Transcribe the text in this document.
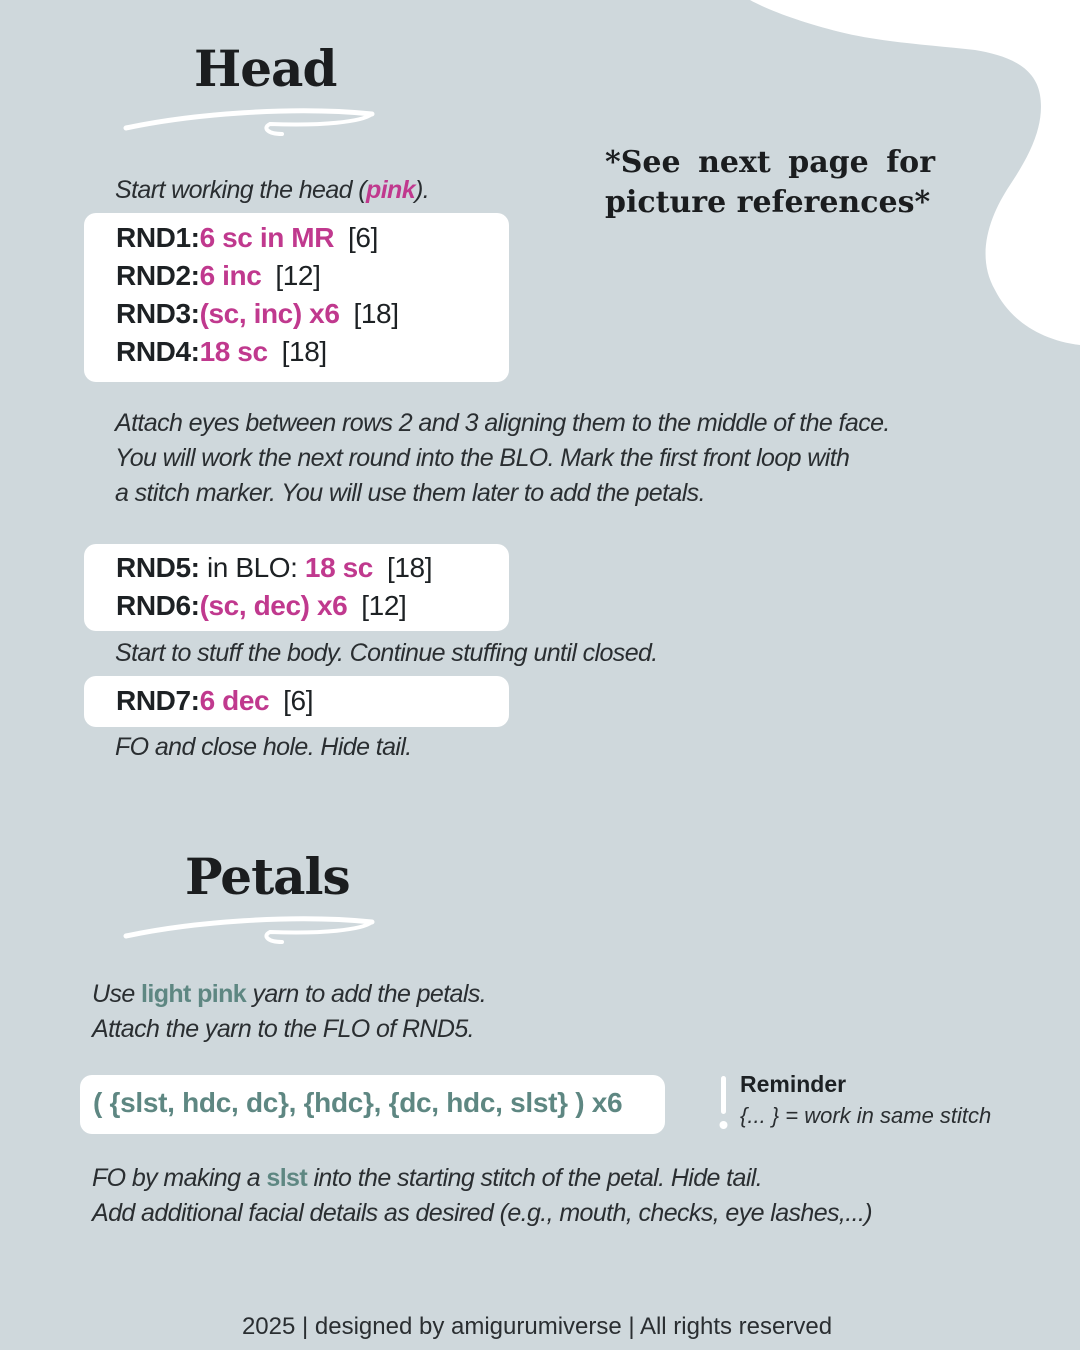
Head
Start working the head (pink).
*See next page for picture references*
RND1:6 sc in MR [6]
RND2:6 inc [12]
RND3:(sc, inc) x6 [18]
RND4:18 sc [18]
Attach eyes between rows 2 and 3 aligning them to the middle of the face.
You will work the next round into the BLO. Mark the first front loop with
a stitch marker. You will use them later to add the petals.
RND5: in BLO: 18 sc [18]
RND6:(sc, dec) x6 [12]
Start to stuff the body. Continue stuffing until closed.
RND7:6 dec [6]
FO and close hole. Hide tail.
Petals
Use light pink yarn to add the petals.
Attach the yarn to the FLO of RND5.
( {slst, hdc, dc}, {hdc}, {dc, hdc, slst} ) x6
Reminder
{... } = work in same stitch
FO by making a slst into the starting stitch of the petal. Hide tail.
Add additional facial details as desired (e.g., mouth, checks, eye lashes,...)
2025 | designed by amigurumiverse | All rights reserved
